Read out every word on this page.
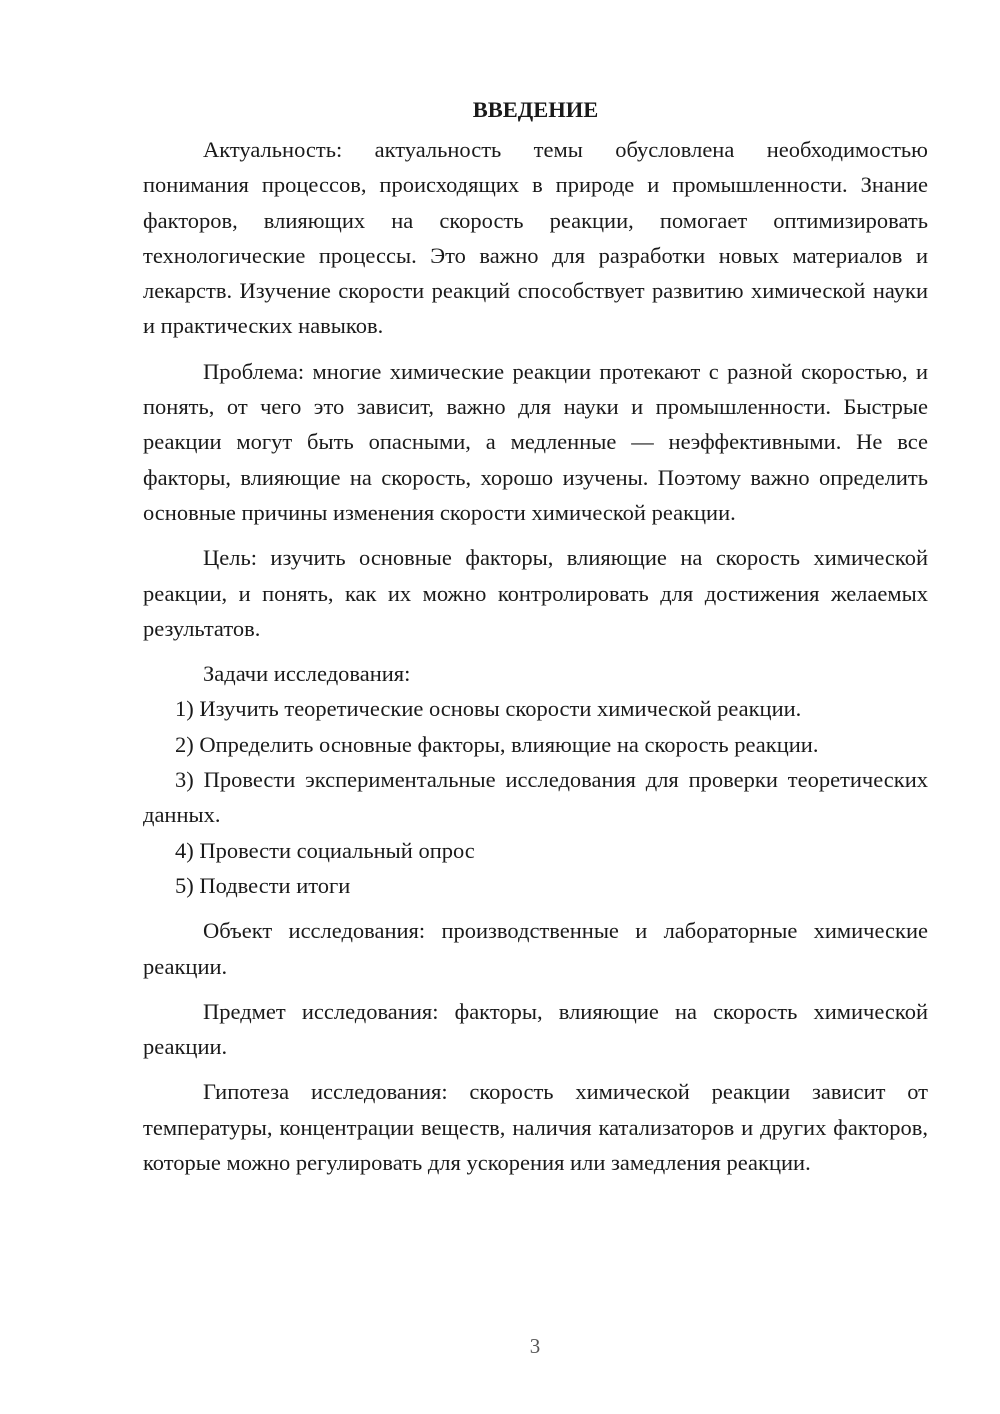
ВВЕДЕНИЕ

Актуальность: актуальность темы обусловлена необходимостью понимания процессов, происходящих в природе и промышленности. Знание факторов, влияющих на скорость реакции, помогает оптимизировать технологические процессы. Это важно для разработки новых материалов и лекарств. Изучение скорости реакций способствует развитию химической науки и практических навыков.

Проблема: многие химические реакции протекают с разной скоростью, и понять, от чего это зависит, важно для науки и промышленности. Быстрые реакции могут быть опасными, а медленные — неэффективными. Не все факторы, влияющие на скорость, хорошо изучены. Поэтому важно определить основные причины изменения скорости химической реакции.

Цель: изучить основные факторы, влияющие на скорость химической реакции, и понять, как их можно контролировать для достижения желаемых результатов.

Задачи исследования:

1) Изучить теоретические основы скорости химической реакции.

2) Определить основные факторы, влияющие на скорость реакции.

3) Провести экспериментальные исследования для проверки теоретических данных.

4) Провести социальный опрос

5) Подвести итоги

Объект исследования: производственные и лабораторные химические реакции.

Предмет исследования: факторы, влияющие на скорость химической реакции.

Гипотеза исследования: скорость химической реакции зависит от температуры, концентрации веществ, наличия катализаторов и других факторов, которые можно регулировать для ускорения или замедления реакции.

3
